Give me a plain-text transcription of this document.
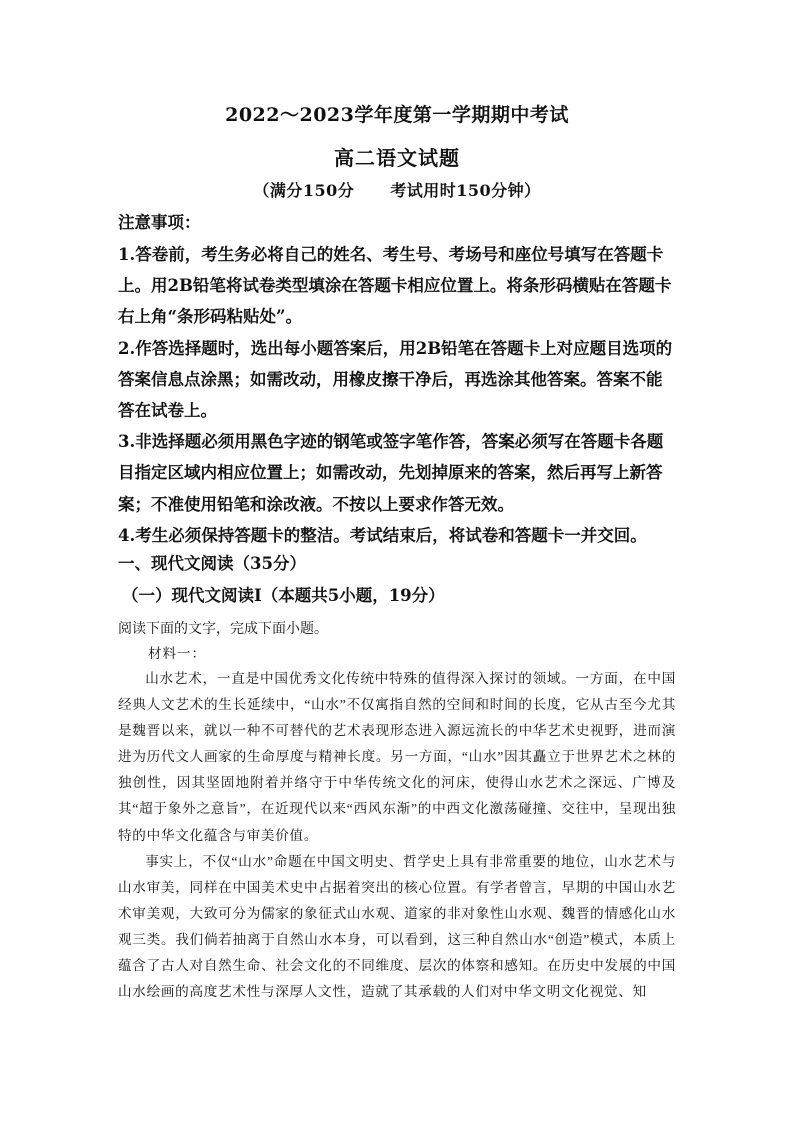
2022～2023学年度第一学期期中考试
高二语文试题
（满分150分 考试用时150分钟）

注意事项：

1.答卷前，考生务必将自己的姓名、考生号、考场号和座位号填写在答题卡上。用2B铅笔将试卷类型填涂在答题卡相应位置上。将条形码横贴在答题卡右上角“条形码粘贴处”。

2.作答选择题时，选出每小题答案后，用2B铅笔在答题卡上对应题目选项的答案信息点涂黑；如需改动，用橡皮擦干净后，再选涂其他答案。答案不能答在试卷上。

3.非选择题必须用黑色字迹的钢笔或签字笔作答，答案必须写在答题卡各题目指定区域内相应位置上；如需改动，先划掉原来的答案，然后再写上新答案；不准使用铅笔和涂改液。不按以上要求作答无效。

4.考生必须保持答题卡的整洁。考试结束后，将试卷和答题卡一并交回。

一、现代文阅读（35分）
（一）现代文阅读Ⅰ（本题共5小题，19分）
阅读下面的文字，完成下面小题。
材料一：

山水艺术，一直是中国优秀文化传统中特殊的值得深入探讨的领域。一方面，在中国经典人文艺术的生长延续中，“山水”不仅寓指自然的空间和时间的长度，它从古至今尤其是魏晋以来，就以一种不可替代的艺术表现形态进入源远流长的中华艺术史视野，进而演进为历代文人画家的生命厚度与精神长度。另一方面，“山水”因其矗立于世界艺术之林的独创性，因其坚固地附着并络守于中华传统文化的河床，使得山水艺术之深远、广博及其“超于象外之意旨”，在近现代以来“西风东渐”的中西文化激荡碰撞、交往中，呈现出独特的中华文化蕴含与审美价值。

事实上，不仅“山水”命题在中国文明史、哲学史上具有非常重要的地位，山水艺术与山水审美，同样在中国美术史中占据着突出的核心位置。有学者曾言，早期的中国山水艺术审美观，大致可分为儒家的象征式山水观、道家的非对象性山水观、魏晋的情感化山水观三类。我们倘若抽离于自然山水本身，可以看到，这三种自然山水“创造”模式，本质上蕴含了古人对自然生命、社会文化的不同维度、层次的体察和感知。在历史中发展的中国山水绘画的高度艺术性与深厚人文性，造就了其承载的人们对中华文明文化视觉、知
